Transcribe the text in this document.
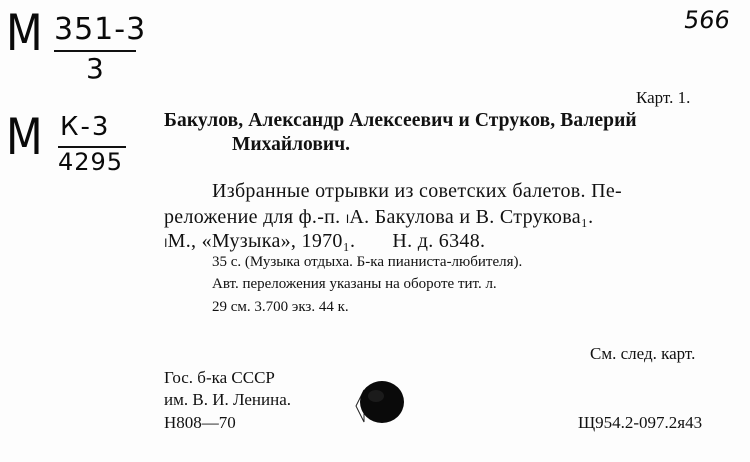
М 351-3
3
М К-3
4295
566
Карт. 1.
Бакулов, Александр Алексеевич и Струков, Валерий
Михайлович.
Избранные отрывки из советских балетов. Пе-
реложение для ф.-п. ₗА. Бакулова и В. Струкова₁.
ₗМ., «Музыка», 1970₁.       Н. д. 6348.
35 с. (Музыка отдыха. Б-ка пианиста-любителя).
Авт. переложения указаны на обороте тит. л.
29 см. 3.700 экз. 44 к.
См. след. карт.
Гос. б-ка СССР
им. В. И. Ленина.
Н808—70	Щ954.2-097.2я43
